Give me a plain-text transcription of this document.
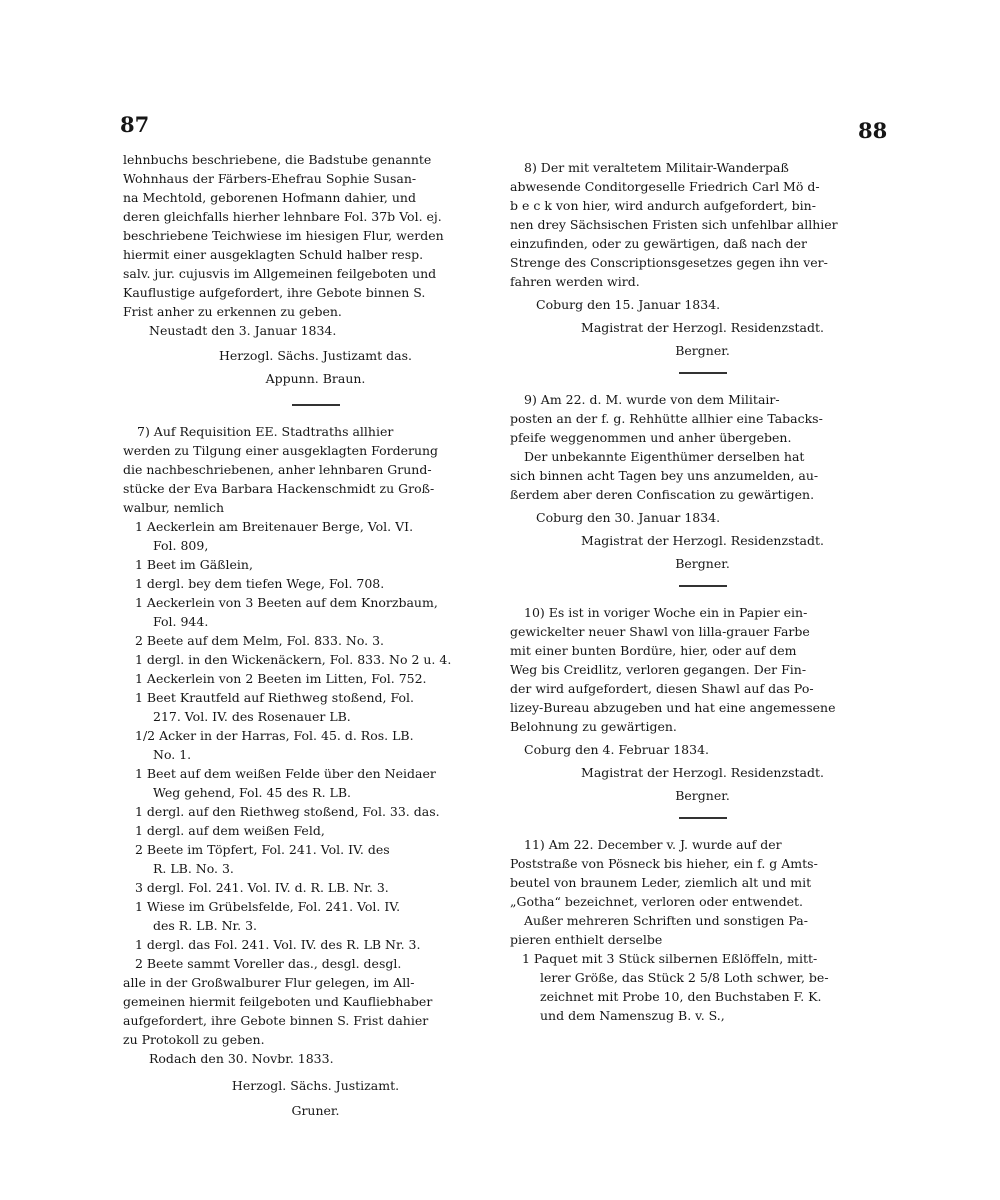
87	88
lehnbuchs beschriebene, die Badstube genannte
Wohnhaus der Färbers-Ehefrau Sophie Susan-
na Mechtold, geborenen Hofmann dahier, und
deren gleichfalls hierher lehnbare Fol. 37b Vol. ej.
beschriebene Teichwiese im hiesigen Flur, werden
hiermit einer ausgeklagten Schuld halber resp.
salv. jur. cujusvis im Allgemeinen feilgeboten und
Kauflustige aufgefordert, ihre Gebote binnen S.
Frist anher zu erkennen zu geben.
Neustadt den 3. Januar 1834.
Herzogl. Sächs. Justizamt das.
Appunn. Braun.
7) Auf Requisition EE. Stadtraths allhier
werden zu Tilgung einer ausgeklagten Forderung
die nachbeschriebenen, anher lehnbaren Grund-
stücke der Eva Barbara Hackenschmidt zu Groß-
walbur, nemlich
1 Aeckerlein am Breitenauer Berge, Vol. VI.
Fol. 809,
1 Beet im Gäßlein,
1 dergl. bey dem tiefen Wege, Fol. 708.
1 Aeckerlein von 3 Beeten auf dem Knorzbaum,
Fol. 944.
2 Beete auf dem Melm, Fol. 833. No. 3.
1 dergl. in den Wickenäckern, Fol. 833. No 2 u. 4.
1 Aeckerlein von 2 Beeten im Litten, Fol. 752.
1 Beet Krautfeld auf Riethweg stoßend, Fol.
217. Vol. IV. des Rosenauer LB.
1/2 Acker in der Harras, Fol. 45. d. Ros. LB.
No. 1.
1 Beet auf dem weißen Felde über den Neidaer
Weg gehend, Fol. 45 des R. LB.
1 dergl. auf den Riethweg stoßend, Fol. 33. das.
1 dergl. auf dem weißen Feld,
2 Beete im Töpfert, Fol. 241. Vol. IV. des
R. LB. No. 3.
3 dergl. Fol. 241. Vol. IV. d. R. LB. Nr. 3.
1 Wiese im Grübelsfelde, Fol. 241. Vol. IV.
des R. LB. Nr. 3.
1 dergl. das Fol. 241. Vol. IV. des R. LB Nr. 3.
2 Beete sammt Voreller das., desgl. desgl.
alle in der Großwalburer Flur gelegen, im All-
gemeinen hiermit feilgeboten und Kaufliebhaber
aufgefordert, ihre Gebote binnen S. Frist dahier
zu Protokoll zu geben.
Rodach den 30. Novbr. 1833.
Herzogl. Sächs. Justizamt.
Gruner.
8) Der mit veraltetem Militair-Wanderpaß
abwesende Conditorgeselle Friedrich Carl Mö d-
b e c k von hier, wird andurch aufgefordert, bin-
nen drey Sächsischen Fristen sich unfehlbar allhier
einzufinden, oder zu gewärtigen, daß nach der
Strenge des Conscriptionsgesetzes gegen ihn ver-
fahren werden wird.
Coburg den 15. Januar 1834.
Magistrat der Herzogl. Residenzstadt.
Bergner.
9) Am 22. d. M. wurde von dem Militair-
posten an der f. g. Rehhütte allhier eine Tabacks-
pfeife weggenommen und anher übergeben.
Der unbekannte Eigenthümer derselben hat
sich binnen acht Tagen bey uns anzumelden, au-
ßerdem aber deren Confiscation zu gewärtigen.
Coburg den 30. Januar 1834.
Magistrat der Herzogl. Residenzstadt.
Bergner.
10) Es ist in voriger Woche ein in Papier ein-
gewickelter neuer Shawl von lilla-grauer Farbe
mit einer bunten Bordüre, hier, oder auf dem
Weg bis Creidlitz, verloren gegangen. Der Fin-
der wird aufgefordert, diesen Shawl auf das Po-
lizey-Bureau abzugeben und hat eine angemessene
Belohnung zu gewärtigen.
Coburg den 4. Februar 1834.
Magistrat der Herzogl. Residenzstadt.
Bergner.
11) Am 22. December v. J. wurde auf der
Poststraße von Pösneck bis hieher, ein f. g Amts-
beutel von braunem Leder, ziemlich alt und mit
„Gotha“ bezeichnet, verloren oder entwendet.
Außer mehreren Schriften und sonstigen Pa-
pieren enthielt derselbe
1 Paquet mit 3 Stück silbernen Eßlöffeln, mitt-
lerer Größe, das Stück 2 5/8 Loth schwer, be-
zeichnet mit Probe 10, den Buchstaben F. K.
und dem Namenszug B. v. S.,
